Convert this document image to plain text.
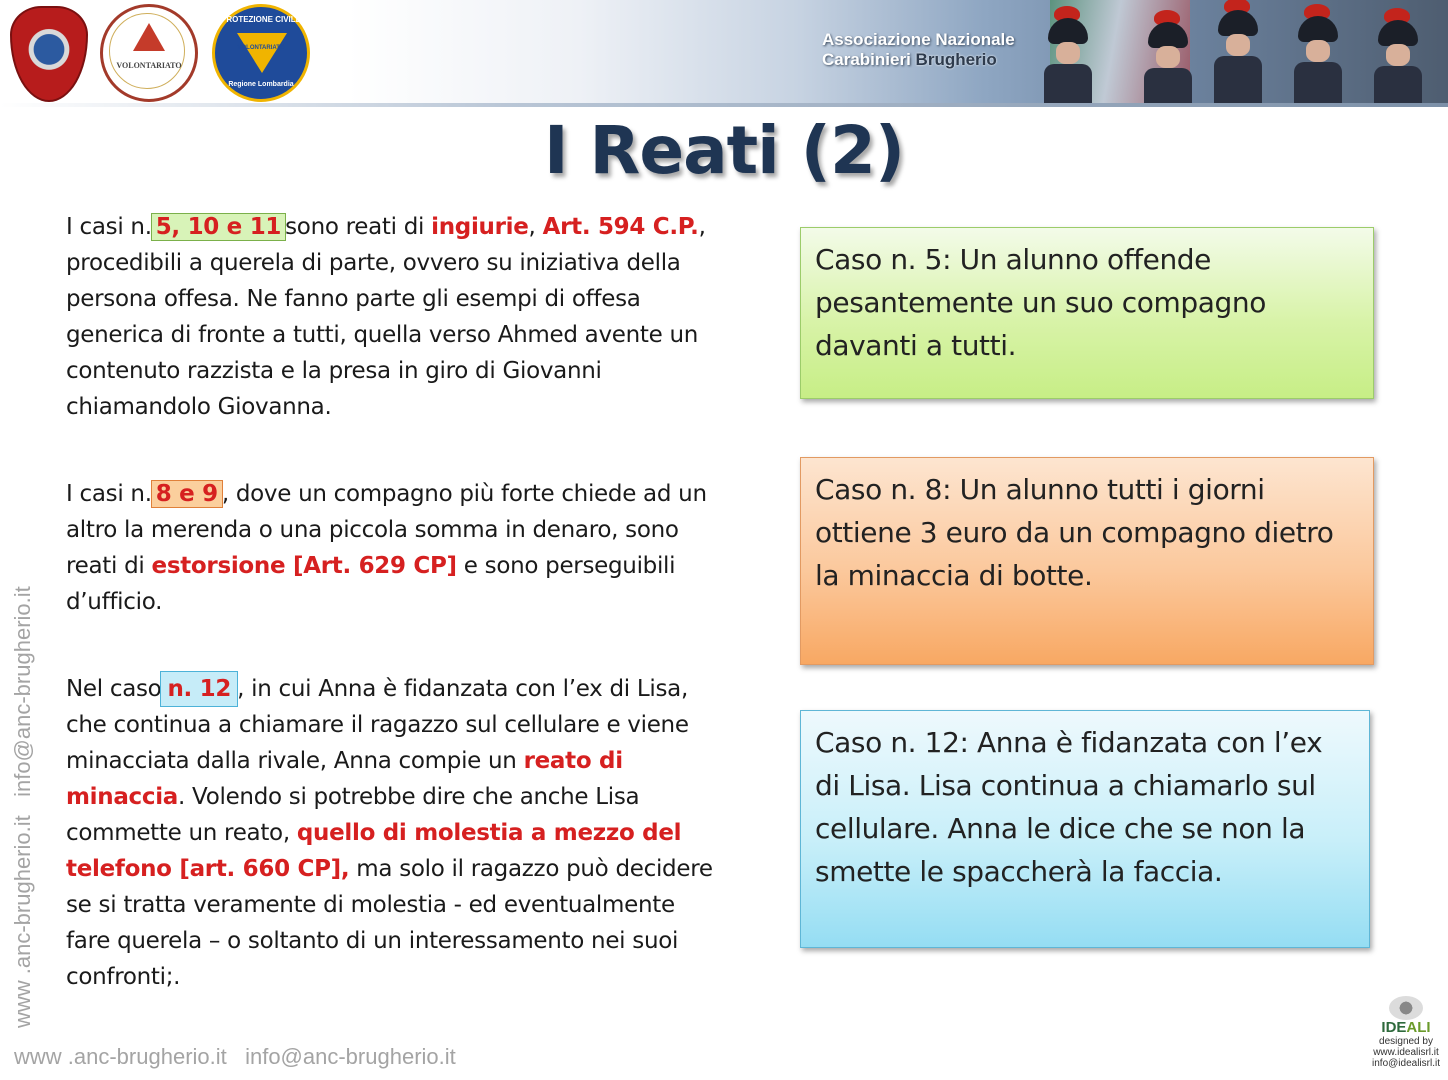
Associazione Nazionale
Carabinieri Brugherio
VOLONTARIATO
PROTEZIONE CIVILE
VOLONTARIATO
Regione Lombardia
I Reati (2)
I casi n. 5, 10 e 11 sono reati di ingiurie, Art. 594 C.P., procedibili a querela di parte, ovvero su iniziativa della persona offesa. Ne fanno parte gli esempi di offesa generica di fronte a tutti, quella verso Ahmed avente un contenuto razzista e la presa in giro di Giovanni chiamandolo Giovanna.
I casi n. 8 e 9 , dove un compagno più forte chiede ad un altro la merenda o una piccola somma in denaro, sono reati di estorsione [Art. 629 CP] e sono perseguibili d’ufficio.
Nel caso n. 12 , in cui Anna è fidanzata con l’ex di Lisa, che continua a chiamare il ragazzo sul cellulare e viene minacciata dalla rivale, Anna compie un reato di minaccia. Volendo si potrebbe dire che anche Lisa commette un reato, quello di molestia a mezzo del telefono [art. 660 CP], ma solo il ragazzo può decidere se si tratta veramente di molestia - ed eventualmente fare querela – o soltanto di un interessamento nei suoi confronti;.
Caso n. 5: Un alunno offende pesantemente un suo compagno davanti a tutti.
Caso n. 8: Un alunno tutti i giorni ottiene 3 euro da un compagno dietro la minaccia di botte.
Caso n. 12: Anna è fidanzata con l’ex di Lisa. Lisa continua a chiamarlo sul cellulare. Anna le dice che se non la smette le spaccherà la faccia.
www .anc-brugherio.it   info@anc-brugherio.it
www .anc-brugherio.it   info@anc-brugherio.it
IDEALI
designed by
www.idealisrl.it
info@idealisrl.it
